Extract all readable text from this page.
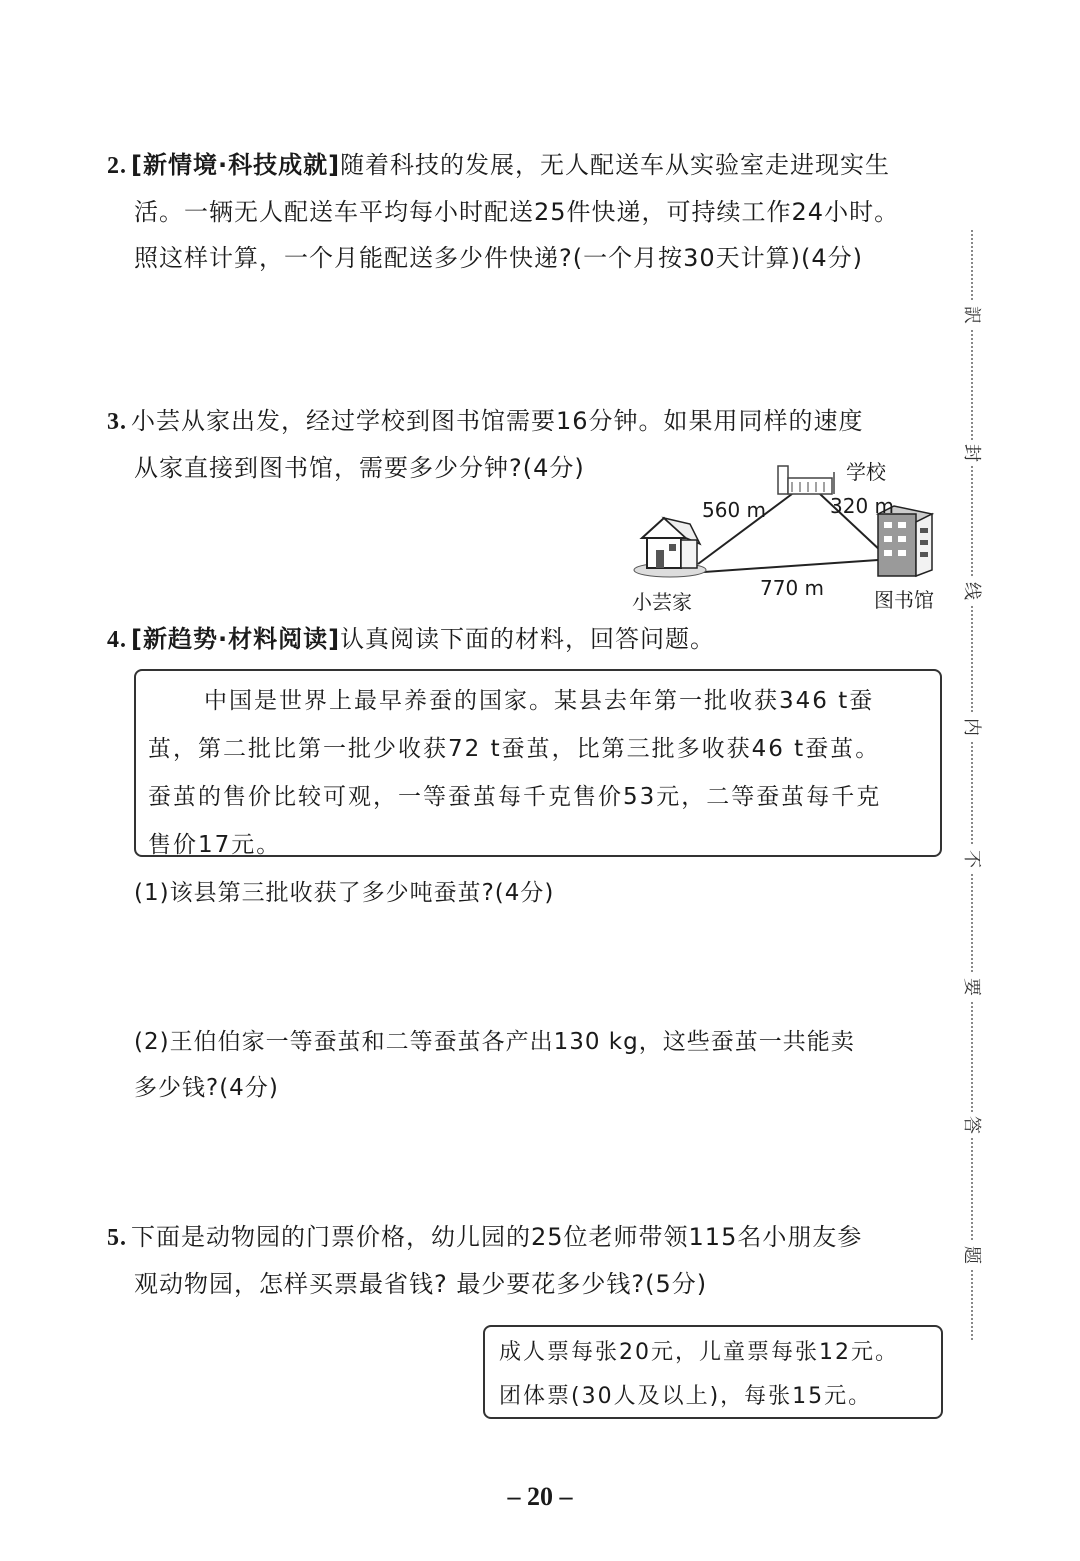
訳
封
线
内
不
要
答
题
2. [新情境·科技成就]随着科技的发展，无人配送车从实验室走进现实生
活。一辆无人配送车平均每小时配送25件快递，可持续工作24小时。
照这样计算，一个月能配送多少件快递?(一个月按30天计算)(4分)
3. 小芸从家出发，经过学校到图书馆需要16分钟。如果用同样的速度
从家直接到图书馆，需要多少分钟?(4分)	学校
560 m	320 m
770 m
小芸家	图书馆
4. [新趋势·材料阅读]认真阅读下面的材料，回答问题。
中国是世界上最早养蚕的国家。某县去年第一批收获346 t蚕
茧，第二批比第一批少收获72 t蚕茧，比第三批多收获46 t蚕茧。
蚕茧的售价比较可观，一等蚕茧每千克售价53元，二等蚕茧每千克
售价17元。
(1)该县第三批收获了多少吨蚕茧?(4分)
(2)王伯伯家一等蚕茧和二等蚕茧各产出130 kg，这些蚕茧一共能卖
多少钱?(4分)
5. 下面是动物园的门票价格，幼儿园的25位老师带领115名小朋友参
观动物园，怎样买票最省钱? 最少要花多少钱?(5分)
成人票每张20元，儿童票每张12元。
团体票(30人及以上)，每张15元。
– 20 –
